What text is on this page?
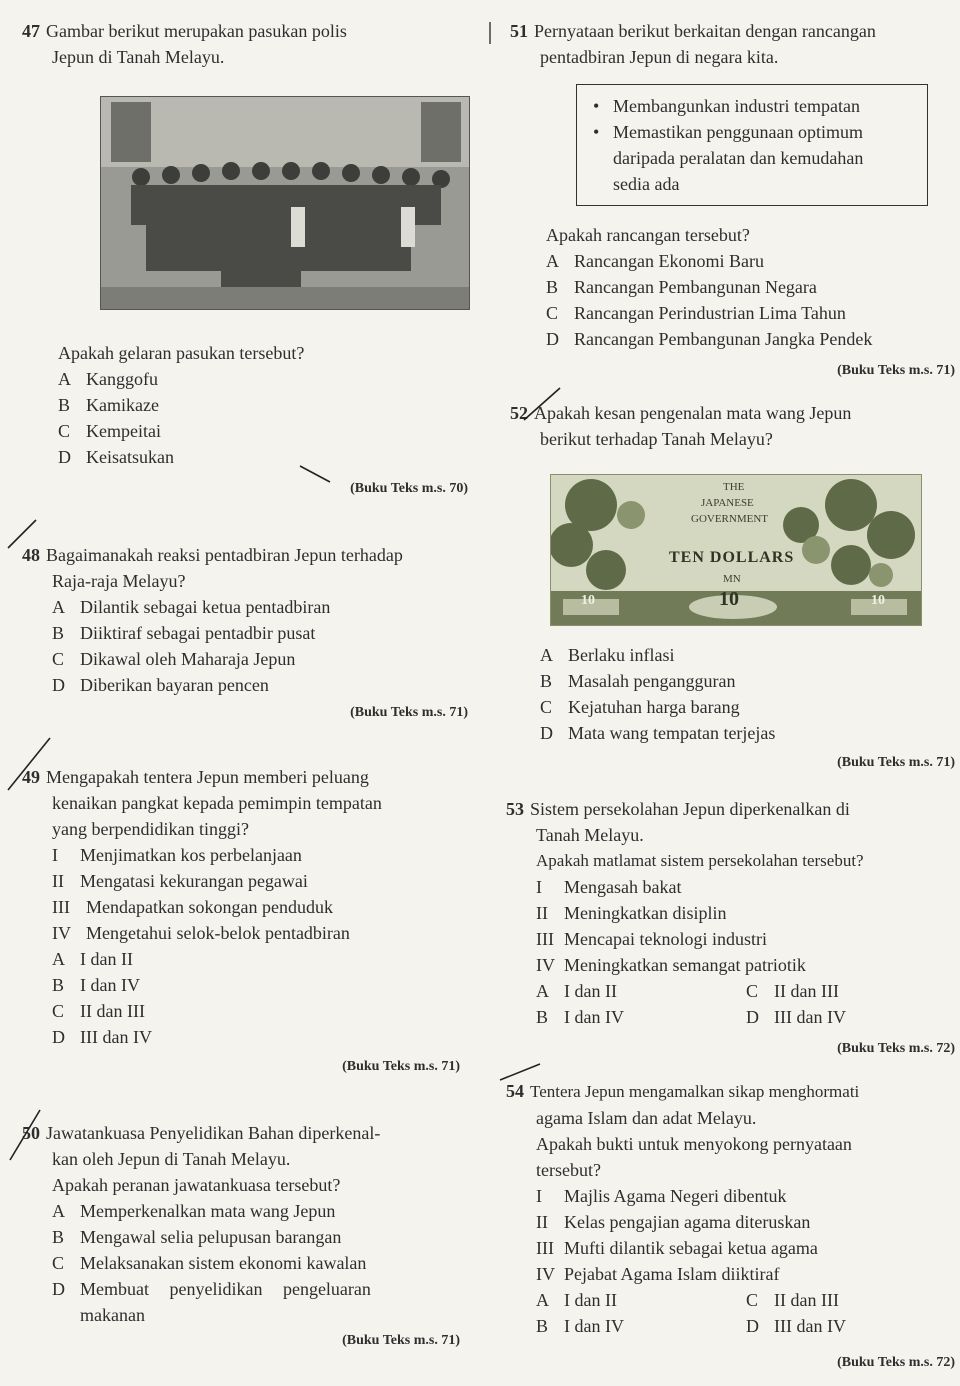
47 Gambar berikut merupakan pasukan polis

Jepun di Tanah Melayu.

Apakah gelaran pasukan tersebut?

A Kanggofu
B Kamikaze
C Kempeitai
D Keisatsukan
(Buku Teks m.s. 70)

48 Bagaimanakah reaksi pentadbiran Jepun terhadap

Raja-raja Melayu?

A Dilantik sebagai ketua pentadbiran
B Diiktiraf sebagai pentadbir pusat
C Dikawal oleh Maharaja Jepun
D Diberikan bayaran pencen
(Buku Teks m.s. 71)

49 Mengapakah tentera Jepun memberi peluang

kenaikan pangkat kepada pemimpin tempatan

yang berpendidikan tinggi?

I	Menjimatkan kos perbelanjaan
II Mengatasi kekurangan pegawai
III Mendapatkan sokongan penduduk
IV Mengetahui selok-belok pentadbiran
A I dan II
B I dan IV
C II dan III
D III dan IV
(Buku Teks m.s. 71)

50 Jawatankuasa Penyelidikan Bahan diperkenal-

kan oleh Jepun di Tanah Melayu.

Apakah peranan jawatankuasa tersebut?

A Memperkenalkan mata wang Jepun
B Mengawal selia pelupusan barangan
C Melaksanakan sistem ekonomi kawalan
D Membuat penyelidikan pengeluaran
makanan
(Buku Teks m.s. 71)

51 Pernyataan berikut berkaitan dengan rancangan

pentadbiran Jepun di negara kita.

• Membangunkan industri tempatan
• Memastikan penggunaan optimum
daripada peralatan dan kemudahan
sedia ada

Apakah rancangan tersebut?

A Rancangan Ekonomi Baru
B Rancangan Pembangunan Negara
C Rancangan Perindustrian Lima Tahun
D Rancangan Pembangunan Jangka Pendek
(Buku Teks m.s. 71)

52 Apakah kesan pengenalan mata wang Jepun

berikut terhadap Tanah Melayu?

THE
JAPANESE
GOVERNMENT
TEN DOLLARS
MN
10
10	10
A Berlaku inflasi
B Masalah pengangguran
C Kejatuhan harga barang
D Mata wang tempatan terjejas
(Buku Teks m.s. 71)

53 Sistem persekolahan Jepun diperkenalkan di

Tanah Melayu.

Apakah matlamat sistem persekolahan tersebut?

I	Mengasah bakat
II Meningkatkan disiplin
III Mencapai teknologi industri
IV Meningkatkan semangat patriotik
A I dan II	C II dan III
B I dan IV	D III dan IV
(Buku Teks m.s. 72)

54 Tentera Jepun mengamalkan sikap menghormati

agama Islam dan adat Melayu.

Apakah bukti untuk menyokong pernyataan

tersebut?

I	Majlis Agama Negeri dibentuk
II Kelas pengajian agama diteruskan
III Mufti dilantik sebagai ketua agama
IV Pejabat Agama Islam diiktiraf
A I dan II	C II dan III
B I dan IV	D III dan IV
(Buku Teks m.s. 72)
